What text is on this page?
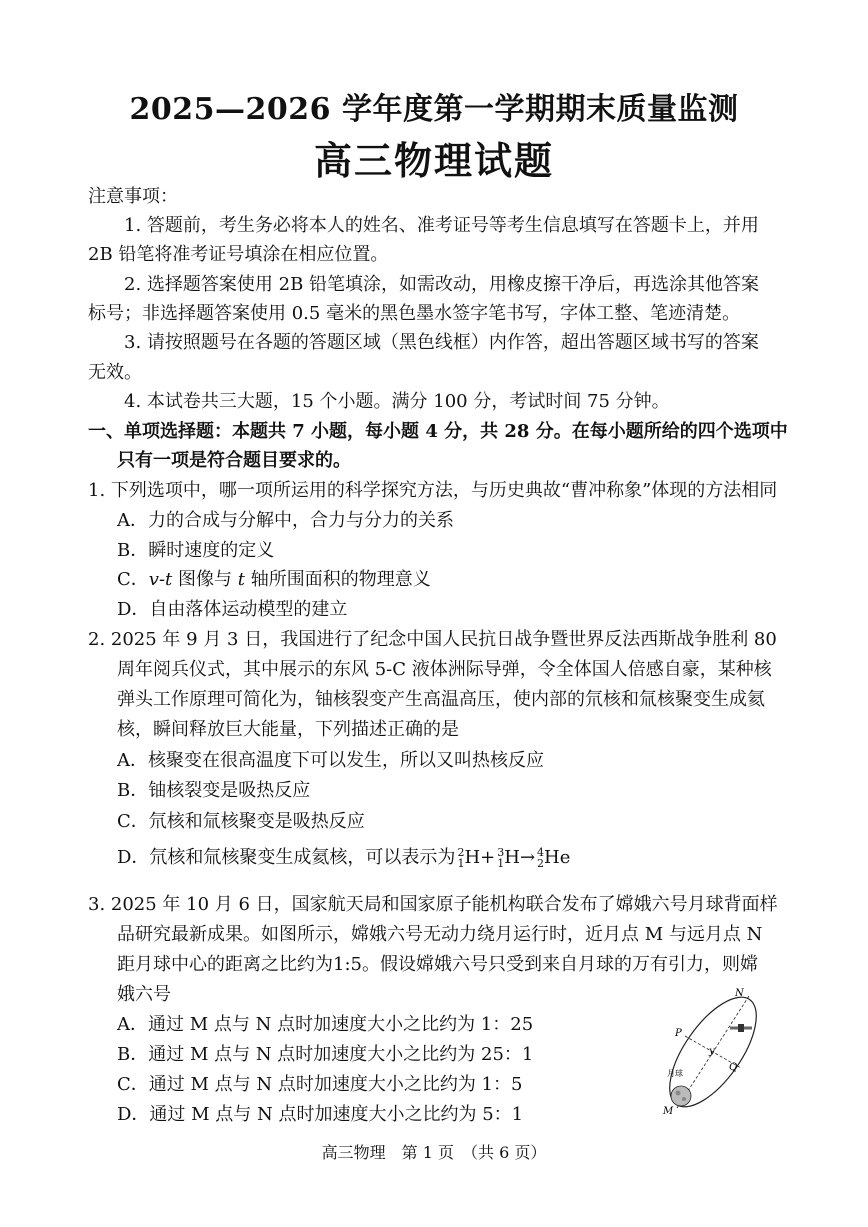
2025—2026 学年度第一学期期末质量监测
高三物理试题
注意事项：
1. 答题前，考生务必将本人的姓名、准考证号等考生信息填写在答题卡上，并用
2B 铅笔将准考证号填涂在相应位置。
2. 选择题答案使用 2B 铅笔填涂，如需改动，用橡皮擦干净后，再选涂其他答案
标号；非选择题答案使用 0.5 毫米的黑色墨水签字笔书写，字体工整、笔迹清楚。
3. 请按照题号在各题的答题区域（黑色线框）内作答，超出答题区域书写的答案
无效。
4. 本试卷共三大题，15 个小题。满分 100 分，考试时间 75 分钟。
一、单项选择题：本题共 7 小题，每小题 4 分，共 28 分。在每小题所给的四个选项中
只有一项是符合题目要求的。
1. 下列选项中，哪一项所运用的科学探究方法，与历史典故“曹冲称象”体现的方法相同
A．力的合成与分解中，合力与分力的关系
B．瞬时速度的定义
C．v-t 图像与 t 轴所围面积的物理意义
D．自由落体运动模型的建立
2. 2025 年 9 月 3 日，我国进行了纪念中国人民抗日战争暨世界反法西斯战争胜利 80
周年阅兵仪式，其中展示的东风 5-C 液体洲际导弹，令全体国人倍感自豪，某种核
弹头工作原理可简化为，铀核裂变产生高温高压，使内部的氘核和氚核聚变生成氦
核，瞬间释放巨大能量，下列描述正确的是
A．核聚变在很高温度下可以发生，所以又叫热核反应
B．铀核裂变是吸热反应
C．氘核和氚核聚变是吸热反应
D．氘核和氚核聚变生成氦核，可以表示为 2
1 H+ 3
1 H→ 4
2 He
3. 2025 年 10 月 6 日，国家航天局和国家原子能机构联合发布了嫦娥六号月球背面样
品研究最新成果。如图所示，嫦娥六号无动力绕月运行时，近月点 M 与远月点 N
距月球中心的距离之比约为1:5。假设嫦娥六号只受到来自月球的万有引力，则嫦
娥六号
A．通过 M 点与 N 点时加速度大小之比约为 1：25
B．通过 M 点与 N 点时加速度大小之比约为 25：1
C．通过 M 点与 N 点时加速度大小之比约为 1：5
D．通过 M 点与 N 点时加速度大小之比约为 5：1
N
P
Q
M
y
月球
高三物理　第 1 页　（共 6 页）
